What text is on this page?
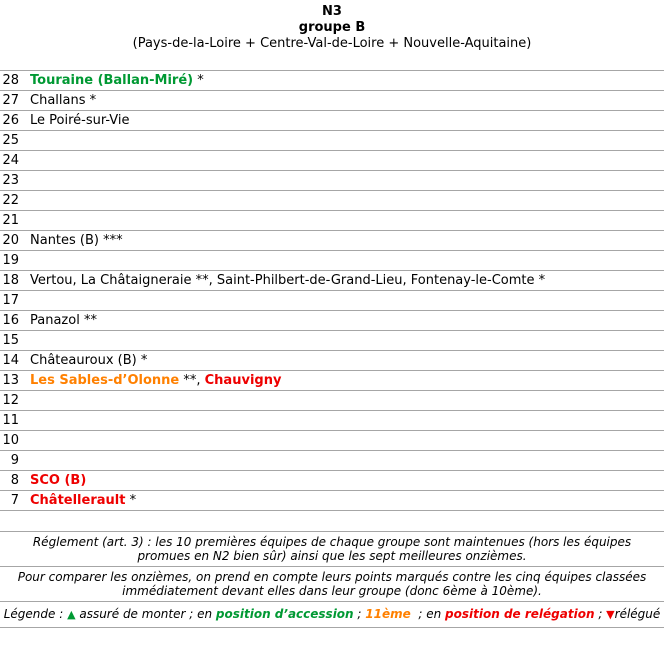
N3
groupe B
(Pays-de-la-Loire + Centre-Val-de-Loire + Nouvelle-Aquitaine)
28 Touraine (Ballan-Miré) *
27 Challans *
26 Le Poiré-sur-Vie
25
24
23
22
21
20 Nantes (B) ***
19
18 Vertou, La Châtaigneraie **, Saint-Philbert-de-Grand-Lieu, Fontenay-le-Comte *
17
16 Panazol **
15
14 Châteauroux (B) *
13 Les Sables-d’Olonne **, Chauvigny
12
11
10
9
8 SCO (B)
7 Châtellerault *
Réglement (art. 3) : les 10 premières équipes de chaque groupe sont maintenues (hors les équipes promues en N2 bien sûr) ainsi que les sept meilleures onzièmes.
Pour comparer les onzièmes, on prend en compte leurs points marqués contre les cinq équipes classées immédiatement devant elles dans leur groupe (donc 6ème à 10ème).
Légende : ▲ assuré de monter ; en position d’accession ; 11ème  ; en position de relégation ; ▼rélégué
